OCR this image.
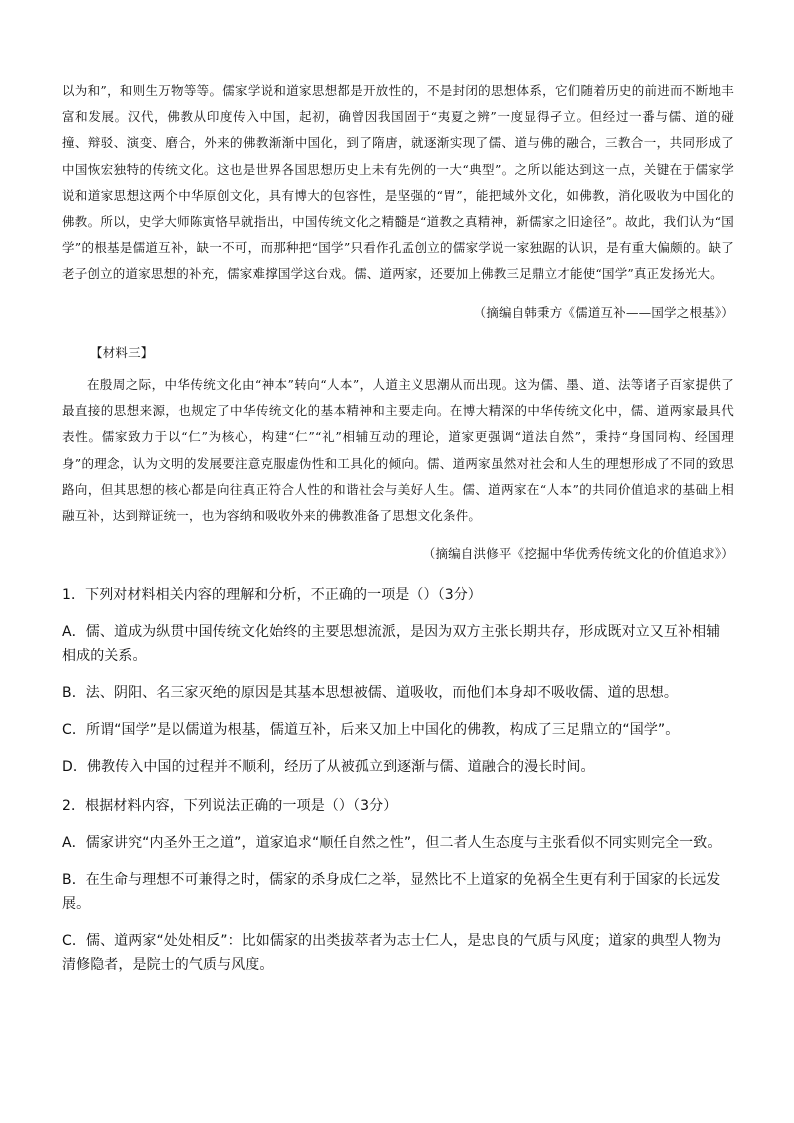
以为和”，和则生万物等等。儒家学说和道家思想都是开放性的，不是封闭的思想体系，它们随着历史的前进而不断地丰富和发展。汉代，佛教从印度传入中国，起初，确曾因我国固于“夷夏之辨”一度显得孑立。但经过一番与儒、道的碰撞、辩驳、演变、磨合，外来的佛教渐渐中国化，到了隋唐，就逐渐实现了儒、道与佛的融合，三教合一，共同形成了中国恢宏独特的传统文化。这也是世界各国思想历史上未有先例的一大“典型”。之所以能达到这一点，关键在于儒家学说和道家思想这两个中华原创文化，具有博大的包容性，是坚强的“胃”，能把域外文化，如佛教，消化吸收为中国化的佛教。所以，史学大师陈寅恪早就指出，中国传统文化之精髓是“道教之真精神，新儒家之旧途径”。故此，我们认为“国学”的根基是儒道互补，缺一不可，而那种把“国学”只看作孔孟创立的儒家学说一家独踞的认识，是有重大偏颇的。缺了老子创立的道家思想的补充，儒家难撑国学这台戏。儒、道两家，还要加上佛教三足鼎立才能使“国学”真正发扬光大。

（摘编自韩秉方《儒道互补——国学之根基》）

【材料三】

在殷周之际，中华传统文化由“神本”转向“人本”，人道主义思潮从而出现。这为儒、墨、道、法等诸子百家提供了最直接的思想来源，也规定了中华传统文化的基本精神和主要走向。在博大精深的中华传统文化中，儒、道两家最具代表性。儒家致力于以“仁”为核心，构建“仁”“礼”相辅互动的理论，道家更强调“道法自然”，秉持“身国同构、经国理身”的理念，认为文明的发展要注意克服虚伪性和工具化的倾向。儒、道两家虽然对社会和人生的理想形成了不同的致思路向，但其思想的核心都是向往真正符合人性的和谐社会与美好人生。儒、道两家在“人本”的共同价值追求的基础上相融互补，达到辩证统一，也为容纳和吸收外来的佛教准备了思想文化条件。

（摘编自洪修平《挖掘中华优秀传统文化的价值追求》）

1．下列对材料相关内容的理解和分析，不正确的一项是（）（3分）

A．儒、道成为纵贯中国传统文化始终的主要思想流派，是因为双方主张长期共存，形成既对立又互补相辅相成的关系。

B．法、阴阳、名三家灭绝的原因是其基本思想被儒、道吸收，而他们本身却不吸收儒、道的思想。

C．所谓“国学”是以儒道为根基，儒道互补，后来又加上中国化的佛教，构成了三足鼎立的“国学”。

D．佛教传入中国的过程并不顺利，经历了从被孤立到逐渐与儒、道融合的漫长时间。

2．根据材料内容，下列说法正确的一项是（）（3分）

A．儒家讲究“内圣外王之道”，道家追求“顺任自然之性”，但二者人生态度与主张看似不同实则完全一致。

B．在生命与理想不可兼得之时，儒家的杀身成仁之举，显然比不上道家的免祸全生更有利于国家的长远发展。

C．儒、道两家“处处相反”：比如儒家的出类拔萃者为志士仁人，是忠良的气质与风度；道家的典型人物为清修隐者，是院士的气质与风度。
